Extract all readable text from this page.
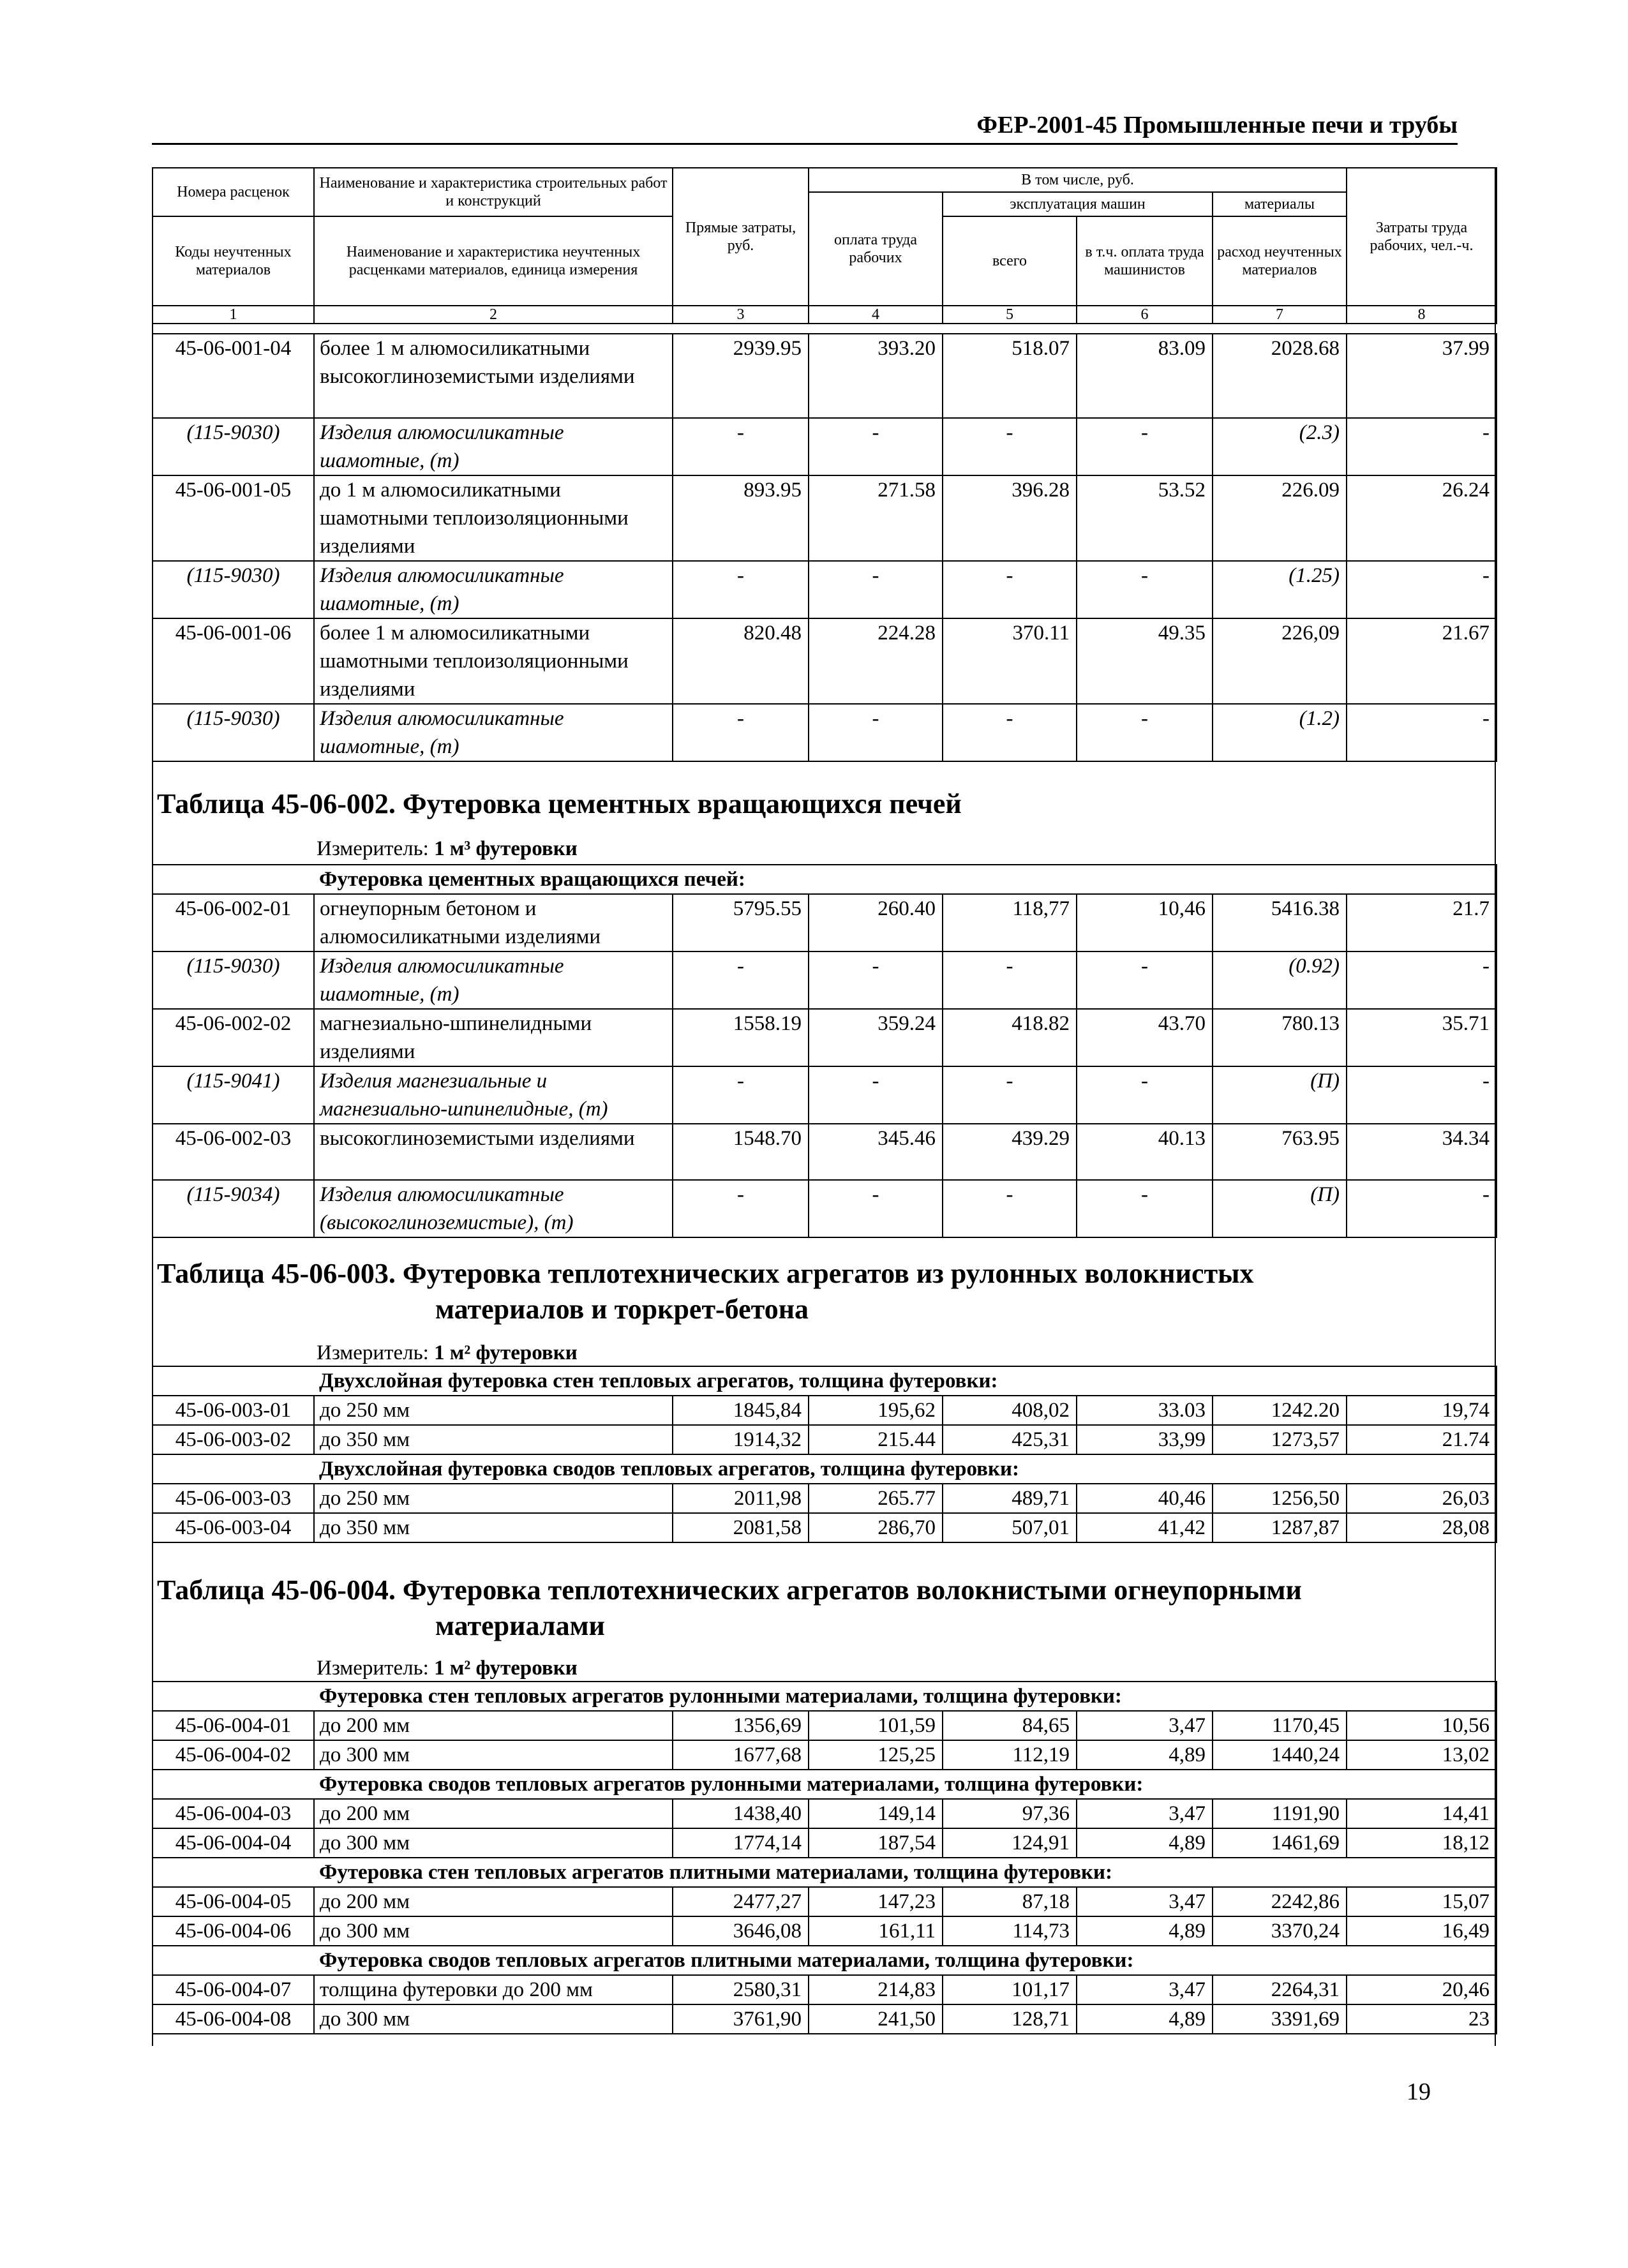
ФЕР-2001-45 Промышленные печи и трубы
Номера расценок	Наименование и характеристика строительных работ и конструкций	Прямые затраты, руб.	В том числе, руб.				Затраты труда рабочих, чел.-ч.
			оплата труда рабочих	эксплуатация машин		материалы	
Коды неучтенных материалов	Наименование и характеристика неучтенных расценками материалов, единица измерения			всего	в т.ч. оплата труда машинистов	расход неучтенных материалов	
1	2	3	4	5	6	7	8
45-06-001-04	более 1 м алюмосиликатными высокоглиноземистыми изделиями	2939.95	393.20	518.07	83.09	2028.68	37.99
(115-9030)	Изделия алюмосиликатные шамотные, (т)	-	-	-	-	(2.3)	-
45-06-001-05	до 1 м алюмосиликатными шамотными теплоизоляционными изделиями	893.95	271.58	396.28	53.52	226.09	26.24
(115-9030)	Изделия алюмосиликатные шамотные, (т)	-	-	-	-	(1.25)	-
45-06-001-06	более 1 м алюмосиликатными шамотными теплоизоляционными изделиями	820.48	224.28	370.11	49.35	226,09	21.67
(115-9030)	Изделия алюмосиликатные шамотные, (т)	-	-	-	-	(1.2)	-
Таблица 45-06-002. Футеровка цементных вращающихся печей
Измеритель: 1 м³ футеровки
Футеровка цементных вращающихся печей:							
45-06-002-01	огнеупорным бетоном и алюмосиликатными изделиями	5795.55	260.40	118,77	10,46	5416.38	21.7
(115-9030)	Изделия алюмосиликатные шамотные, (т)	-	-	-	-	(0.92)	-
45-06-002-02	магнезиально-шпинелидными изделиями	1558.19	359.24	418.82	43.70	780.13	35.71
(115-9041)	Изделия магнезиальные и магнезиально-шпинелидные, (т)	-	-	-	-	(П)	-
45-06-002-03	высокоглиноземистыми изделиями	1548.70	345.46	439.29	40.13	763.95	34.34
(115-9034)	Изделия алюмосиликатные (высокоглиноземистые), (т)	-	-	-	-	(П)	-
Таблица 45-06-003. Футеровка теплотехнических агрегатов из рулонных волокнистых
материалов и торкрет-бетона
Измеритель: 1 м² футеровки
Двухслойная футеровка стен тепловых агрегатов, толщина футеровки:							
45-06-003-01	до 250 мм	1845,84	195,62	408,02	33.03	1242.20	19,74
45-06-003-02	до 350 мм	1914,32	215.44	425,31	33,99	1273,57	21.74
Двухслойная футеровка сводов тепловых агрегатов, толщина футеровки:							
45-06-003-03	до 250 мм	2011,98	265.77	489,71	40,46	1256,50	26,03
45-06-003-04	до 350 мм	2081,58	286,70	507,01	41,42	1287,87	28,08
Таблица 45-06-004. Футеровка теплотехнических агрегатов волокнистыми огнеупорными
материалами
Измеритель: 1 м² футеровки
Футеровка стен тепловых агрегатов рулонными материалами, толщина футеровки:							
45-06-004-01	до 200 мм	1356,69	101,59	84,65	3,47	1170,45	10,56
45-06-004-02	до 300 мм	1677,68	125,25	112,19	4,89	1440,24	13,02
Футеровка сводов тепловых агрегатов рулонными материалами, толщина футеровки:							
45-06-004-03	до 200 мм	1438,40	149,14	97,36	3,47	1191,90	14,41
45-06-004-04	до 300 мм	1774,14	187,54	124,91	4,89	1461,69	18,12
Футеровка стен тепловых агрегатов плитными материалами, толщина футеровки:							
45-06-004-05	до 200 мм	2477,27	147,23	87,18	3,47	2242,86	15,07
45-06-004-06	до 300 мм	3646,08	161,11	114,73	4,89	3370,24	16,49
Футеровка сводов тепловых агрегатов плитными материалами, толщина футеровки:							
45-06-004-07	толщина футеровки до 200 мм	2580,31	214,83	101,17	3,47	2264,31	20,46
45-06-004-08	до 300 мм	3761,90	241,50	128,71	4,89	3391,69	23
19
